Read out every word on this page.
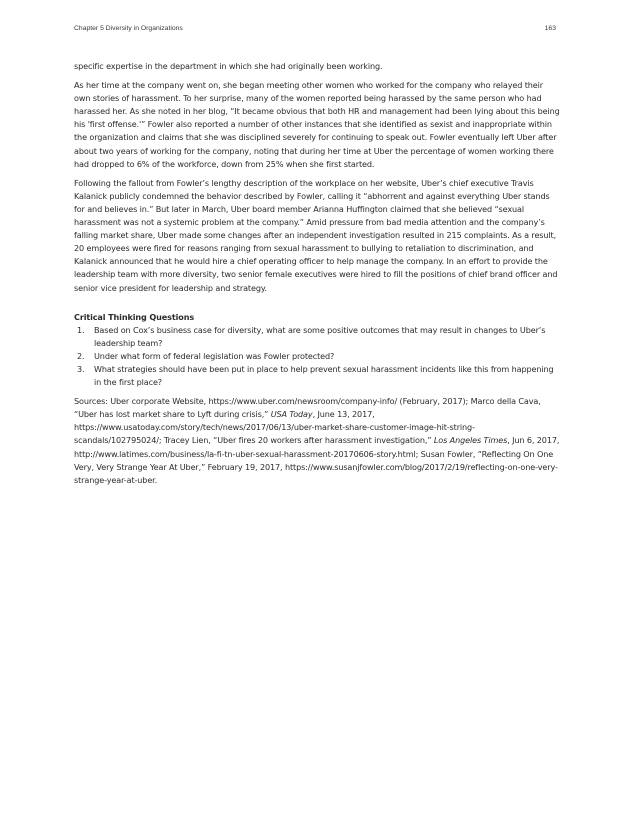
Chapter 5 Diversity in Organizations	163

specific expertise in the department in which she had originally been working.

As her time at the company went on, she began meeting other women who worked for the company who relayed their own stories of harassment. To her surprise, many of the women reported being harassed by the same person who had harassed her. As she noted in her blog, “It became obvious that both HR and management had been lying about this being his 'first offense.'” Fowler also reported a number of other instances that she identified as sexist and inappropriate within the organization and claims that she was disciplined severely for continuing to speak out. Fowler eventually left Uber after about two years of working for the company, noting that during her time at Uber the percentage of women working there had dropped to 6% of the workforce, down from 25% when she first started.

Following the fallout from Fowler’s lengthy description of the workplace on her website, Uber’s chief executive Travis Kalanick publicly condemned the behavior described by Fowler, calling it “abhorrent and against everything Uber stands for and believes in.” But later in March, Uber board member Arianna Huffington claimed that she believed “sexual harassment was not a systemic problem at the company.” Amid pressure from bad media attention and the company’s falling market share, Uber made some changes after an independent investigation resulted in 215 complaints. As a result, 20 employees were fired for reasons ranging from sexual harassment to bullying to retaliation to discrimination, and Kalanick announced that he would hire a chief operating officer to help manage the company. In an effort to provide the leadership team with more diversity, two senior female executives were hired to fill the positions of chief brand officer and senior vice president for leadership and strategy.

Critical Thinking Questions
1. Based on Cox’s business case for diversity, what are some positive outcomes that may result in changes to Uber’s leadership team?
2. Under what form of federal legislation was Fowler protected?
3. What strategies should have been put in place to help prevent sexual harassment incidents like this from happening in the first place?

Sources: Uber corporate Website, https://www.uber.com/newsroom/company-info/ (February, 2017); Marco della Cava, “Uber has lost market share to Lyft during crisis,” USA Today, June 13, 2017, https://www.usatoday.com/story/tech/news/2017/06/13/uber-market-share-customer-image-hit-string-scandals/102795024/; Tracey Lien, “Uber fires 20 workers after harassment investigation,” Los Angeles Times, Jun 6, 2017, http://www.latimes.com/business/la-fi-tn-uber-sexual-harassment-20170606-story.html; Susan Fowler, “Reflecting On One Very, Very Strange Year At Uber,” February 19, 2017, https://www.susanjfowler.com/blog/2017/2/19/reflecting-on-one-very-strange-year-at-uber.
